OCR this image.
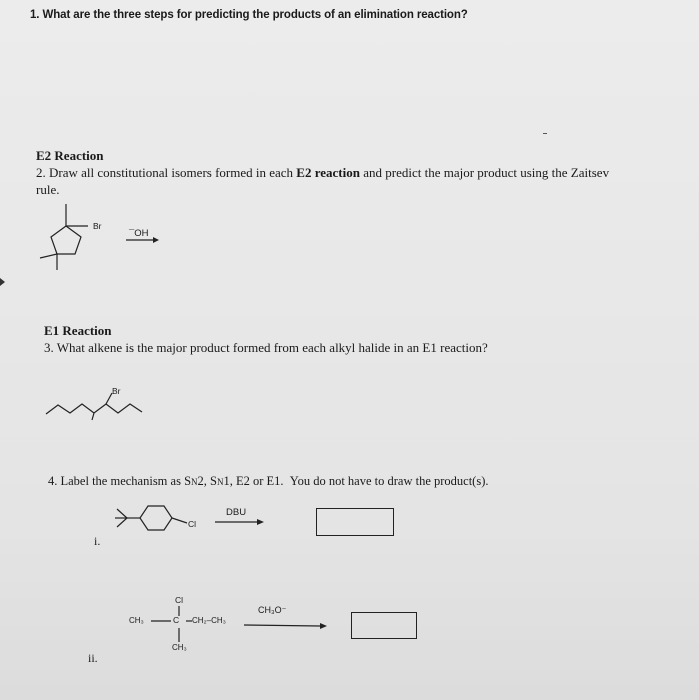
1. What are the three steps for predicting the products of an elimination reaction?
E2 Reaction
2. Draw all constitutional isomers formed in each E2 reaction and predict the major product using the Zaitsev
rule.
E1 Reaction
3. What alkene is the major product formed from each alkyl halide in an E1 reaction?
4. Label the mechanism as SN2, SN1, E2 or E1. You do not have to draw the product(s).
Br
¯OH
Br
Cl
DBU
i.
Cl
CH₃	C CH₂–CH₃
CH₃
CH₃O⁻
ii.
